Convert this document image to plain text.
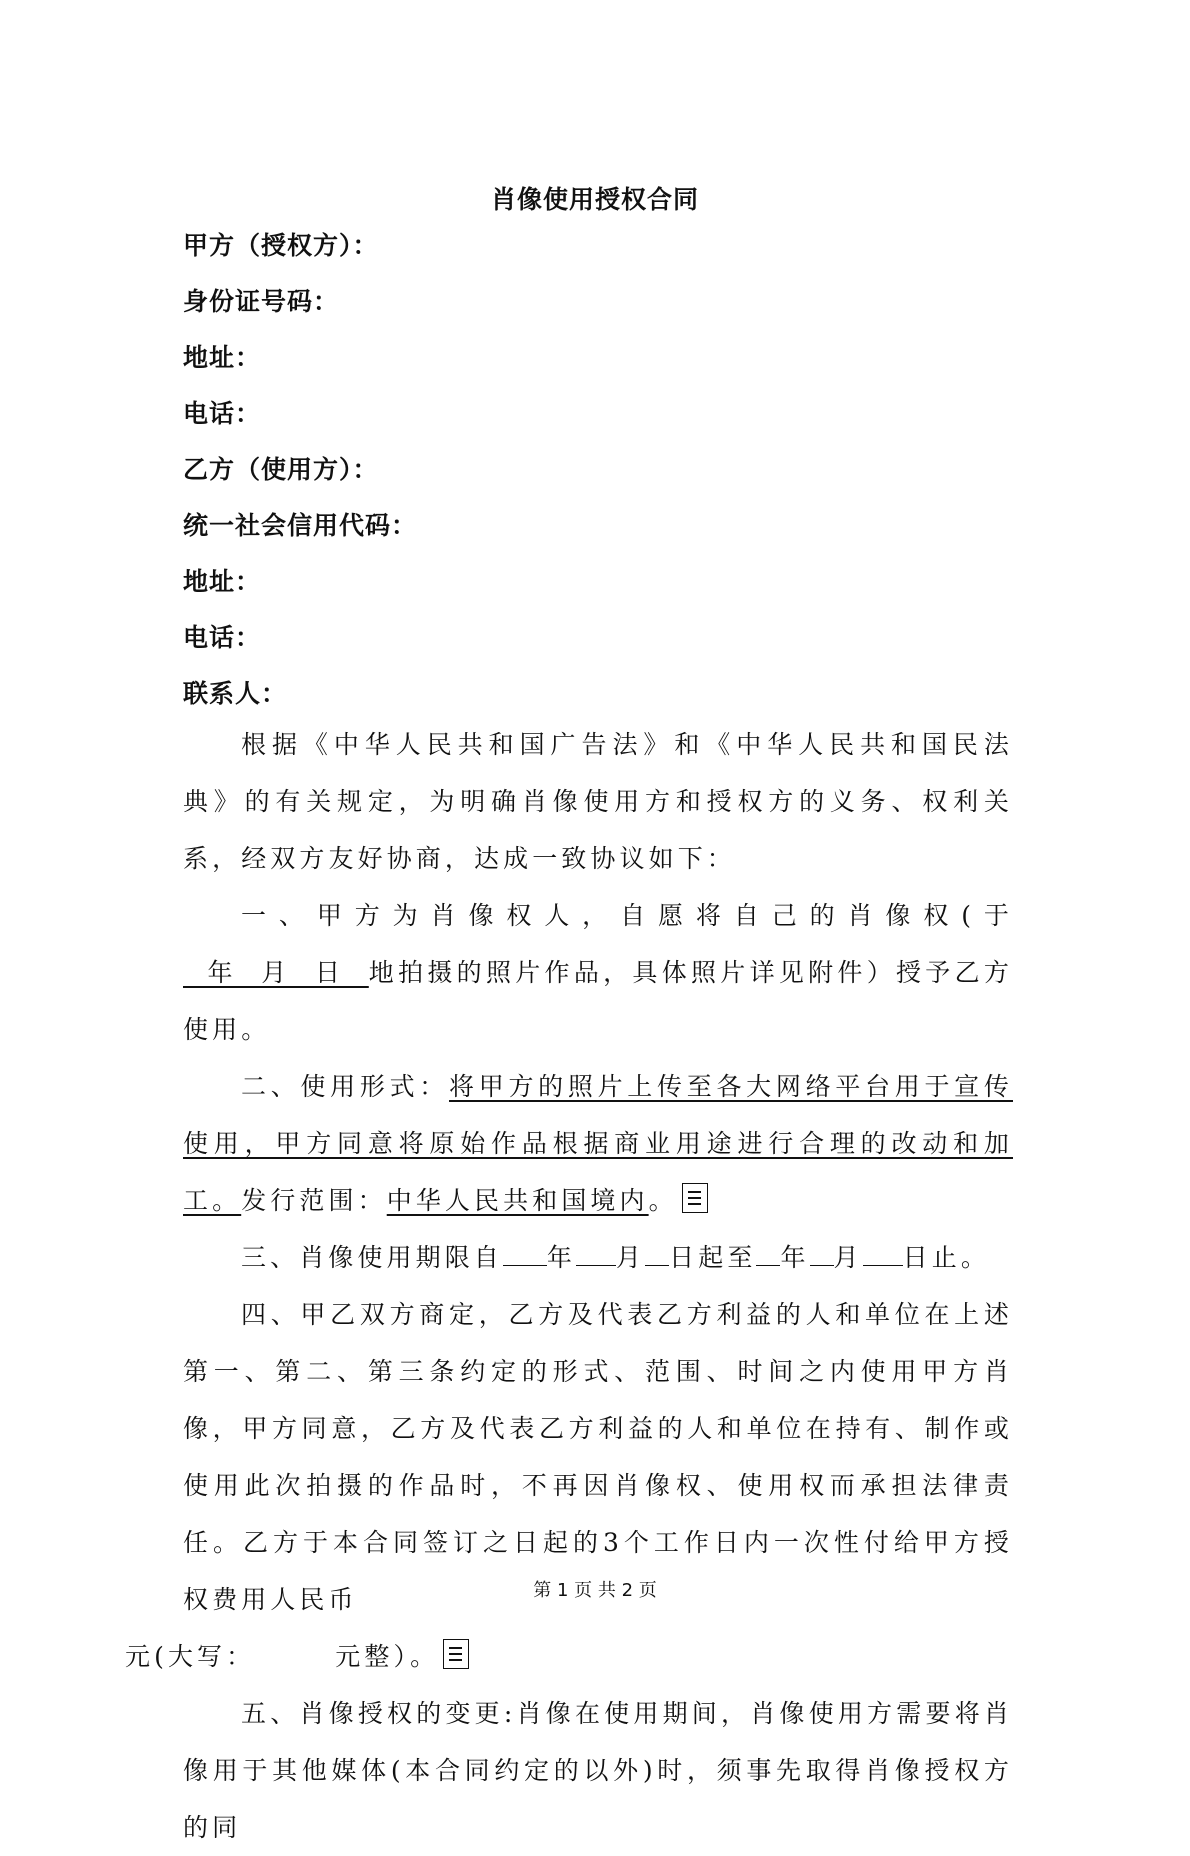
肖像使用授权合同
甲方（授权方）：
身份证号码：
地址：
电话：
乙方（使用方）：
统一社会信用代码：
地址：
电话：
联系人：

根据《中华人民共和国广告法》和《中华人民共和国民法典》的有关规定，为明确肖像使用方和授权方的义务、权利关系，经双方友好协商，达成一致协议如下：

一、甲方为肖像权人，自愿将自己的肖像权(于  年  月  日  地拍摄的照片作品，具体照片详见附件）授予乙方使用。

二、使用形式：将甲方的照片上传至各大网络平台用于宣传使用，甲方同意将原始作品根据商业用途进行合理的改动和加工。发行范围：中华人民共和国境内。

三、肖像使用期限自 年 月 日起至 年 月 日止。

四、甲乙双方商定，乙方及代表乙方利益的人和单位在上述第一、第二、第三条约定的形式、范围、时间之内使用甲方肖像，甲方同意，乙方及代表乙方利益的人和单位在持有、制作或使用此次拍摄的作品时，不再因肖像权、使用权而承担法律责任。乙方于本合同签订之日起的3个工作日内一次性付给甲方授权费用人民币
元(大写：	元整）。

五、肖像授权的变更:肖像在使用期间，肖像使用方需要将肖像用于其他媒体(本合同约定的以外)时，须事先取得肖像授权方的同

第 1 页 共 2 页
